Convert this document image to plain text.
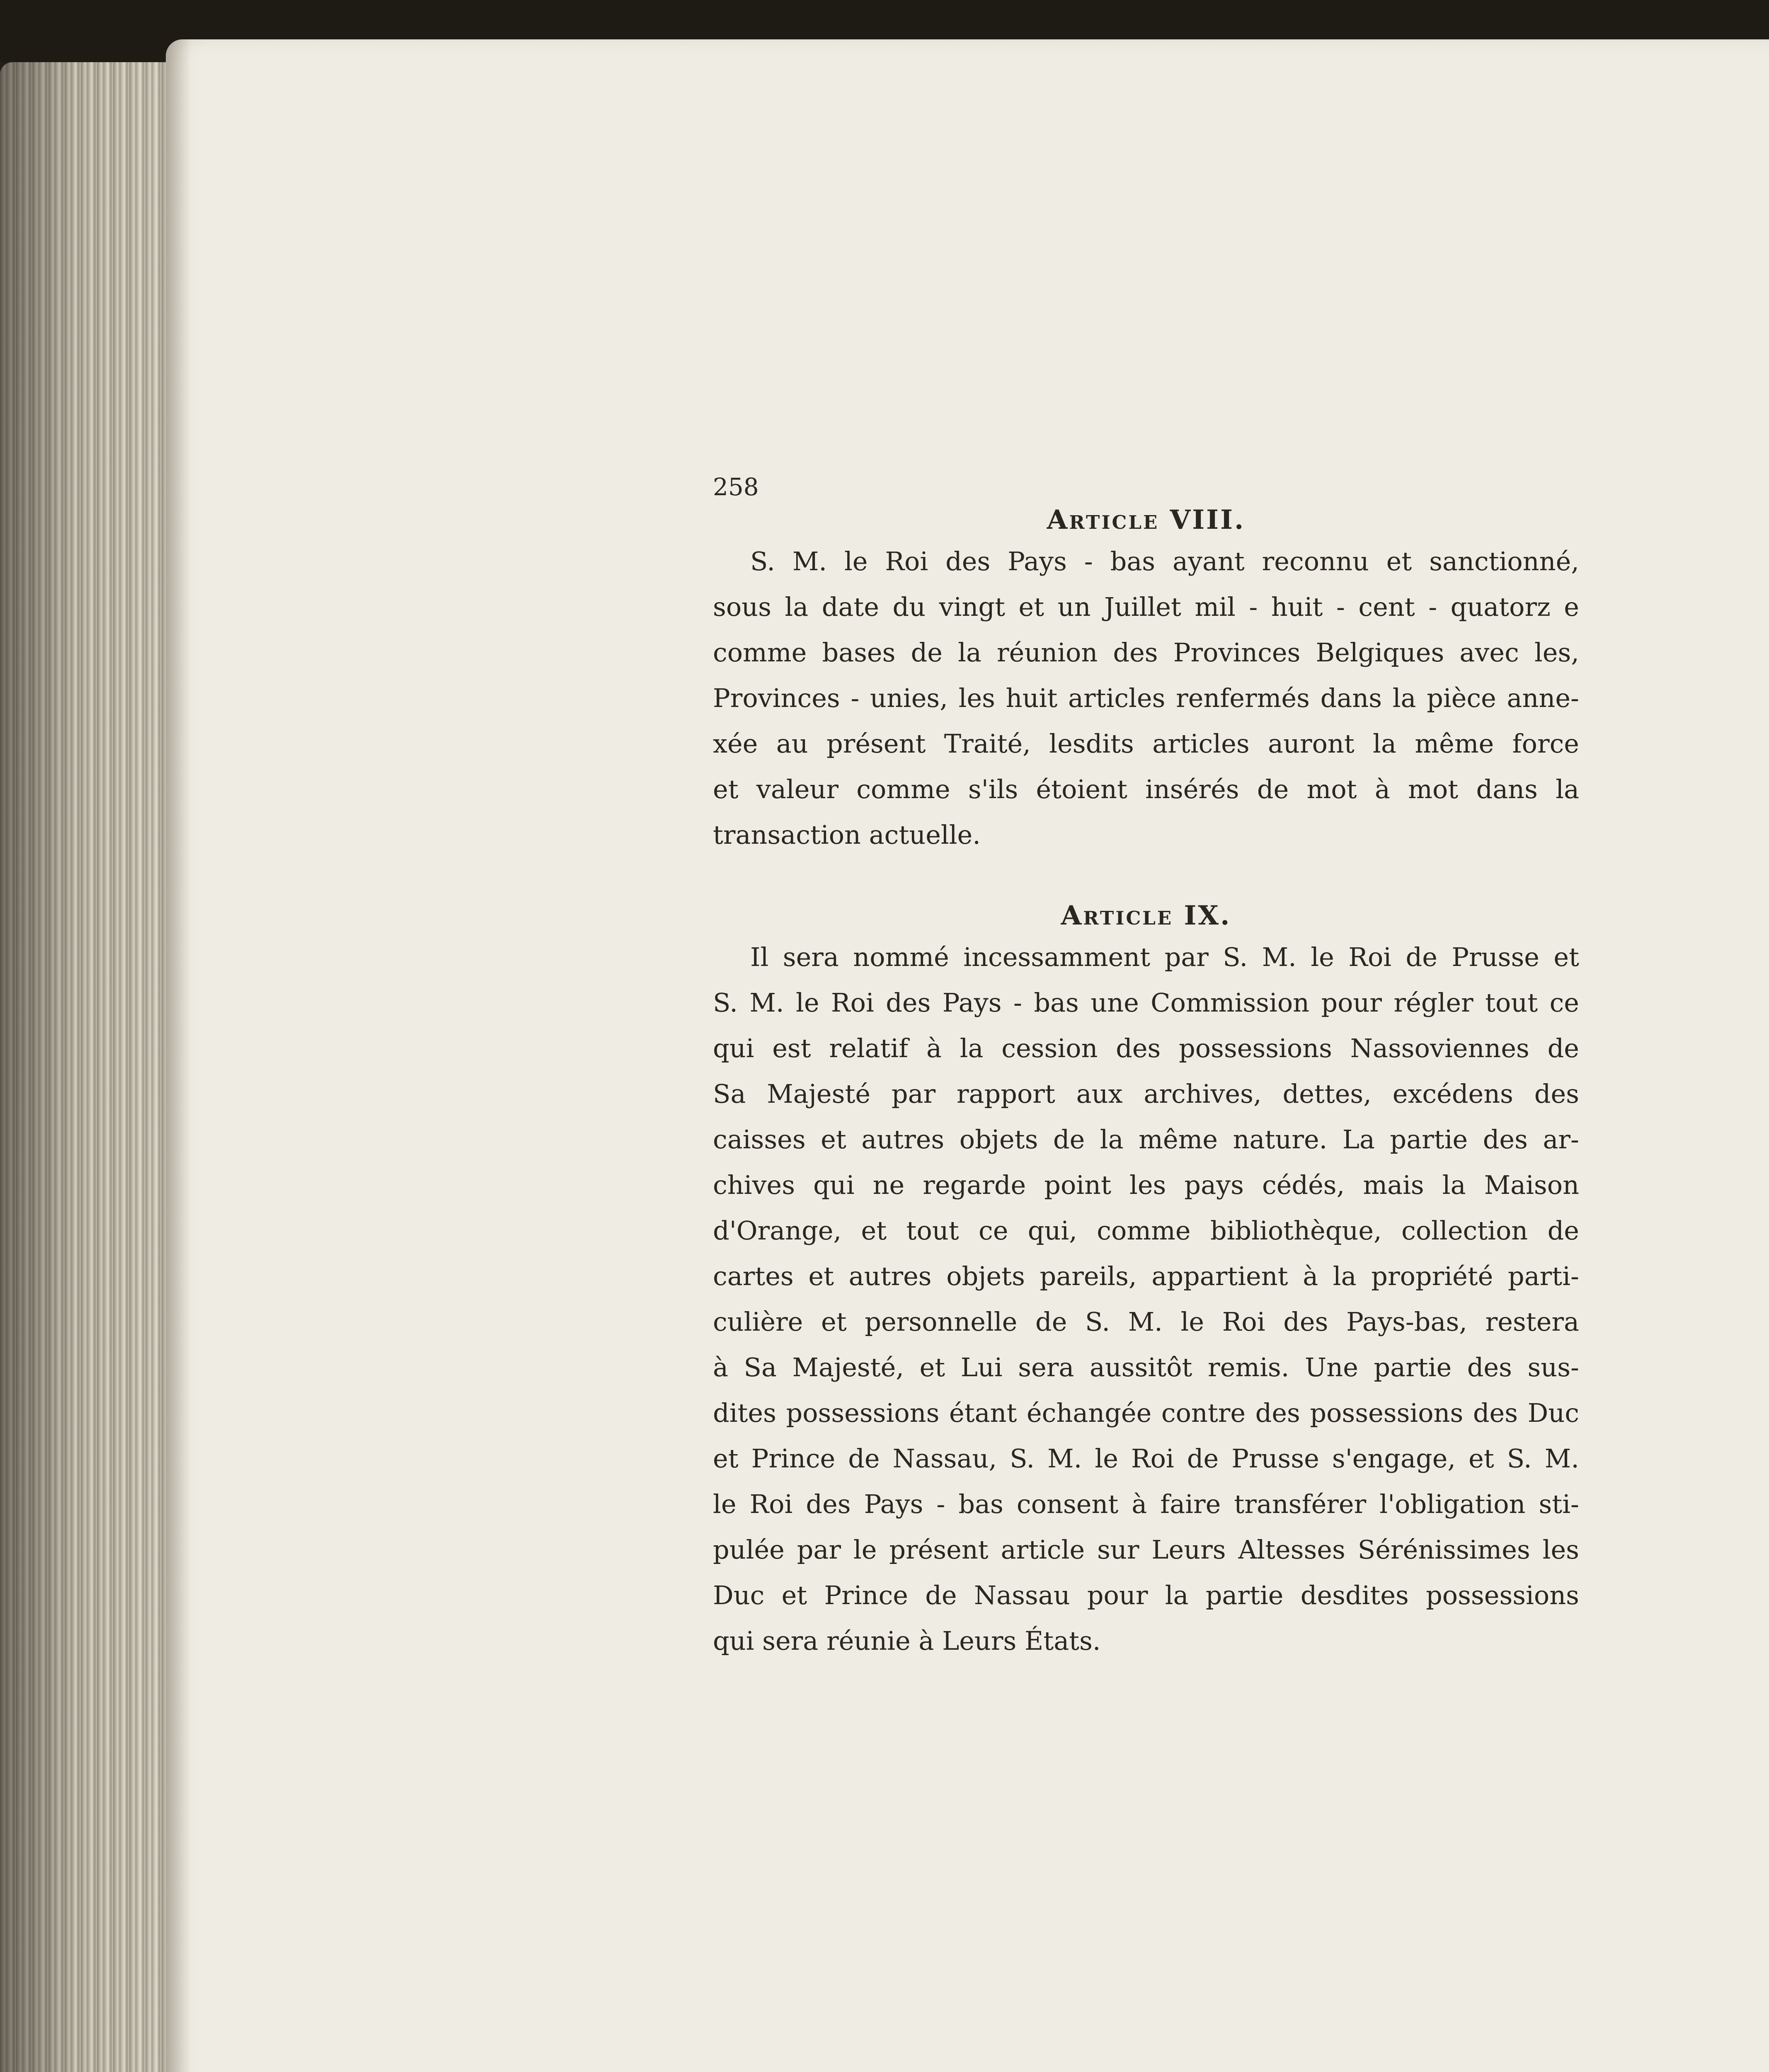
258
Article VIII.
S. M. le Roi des Pays - bas ayant reconnu et sanctionné,
sous la date du vingt et un Juillet mil - huit - cent - quatorz e
comme bases de la réunion des Provinces Belgiques avec les,
Provinces - unies, les huit articles renfermés dans la pièce anne-
xée au présent Traité, lesdits articles auront la même force
et valeur comme s'ils étoient insérés de mot à mot dans la
transaction actuelle.
Article IX.
Il sera nommé incessamment par S. M. le Roi de Prusse et
S. M. le Roi des Pays - bas une Commission pour régler tout ce
qui est relatif à la cession des possessions Nassoviennes de
Sa Majesté par rapport aux archives, dettes, excédens des
caisses et autres objets de la même nature. La partie des ar-
chives qui ne regarde point les pays cédés, mais la Maison
d'Orange, et tout ce qui, comme bibliothèque, collection de
cartes et autres objets pareils, appartient à la propriété parti-
culière et personnelle de S. M. le Roi des Pays-bas, restera
à Sa Majesté, et Lui sera aussitôt remis. Une partie des sus-
dites possessions étant échangée contre des possessions des Duc
et Prince de Nassau, S. M. le Roi de Prusse s'engage, et S. M.
le Roi des Pays - bas consent à faire transférer l'obligation sti-
pulée par le présent article sur Leurs Altesses Sérénissimes les
Duc et Prince de Nassau pour la partie desdites possessions
qui sera réunie à Leurs États.
